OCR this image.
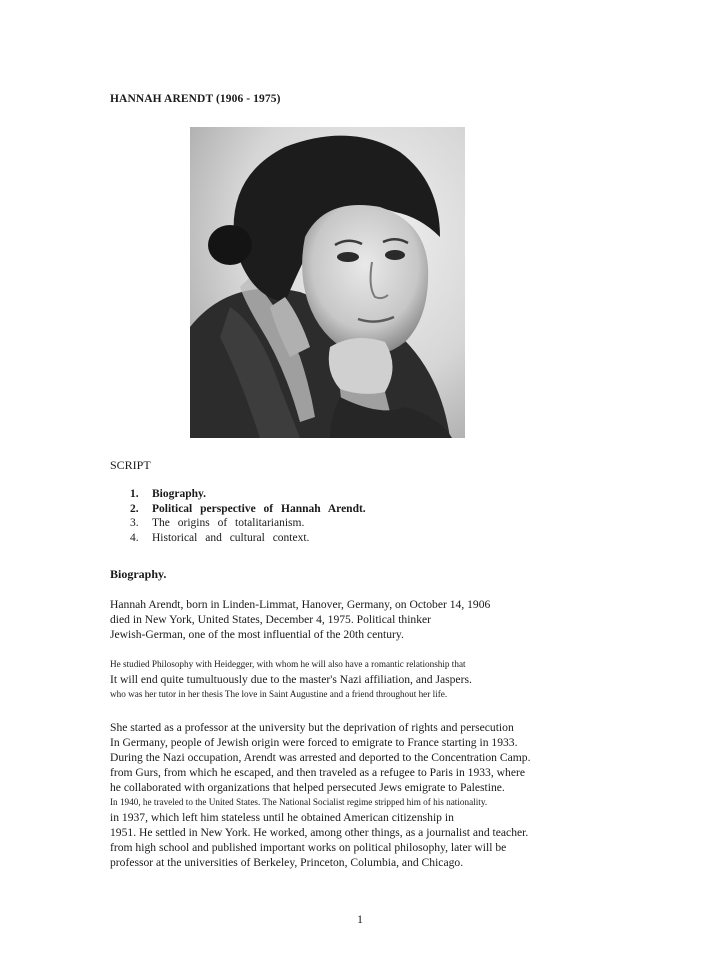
HANNAH ARENDT (1906 - 1975)
SCRIPT
1.	Biography.
2.	Political perspective of Hannah Arendt.
3.	The origins of totalitarianism.
4.	Historical and cultural context.
Biography.
Hannah Arendt, born in Linden-Limmat, Hanover, Germany, on October 14, 1906
died in New York, United States, December 4, 1975. Political thinker
Jewish-German, one of the most influential of the 20th century.
He studied Philosophy with Heidegger, with whom he will also have a romantic relationship that
It will end quite tumultuously due to the master's Nazi affiliation, and Jaspers.
who was her tutor in her thesis The love in Saint Augustine and a friend throughout her life.
She started as a professor at the university but the deprivation of rights and persecution
In Germany, people of Jewish origin were forced to emigrate to France starting in 1933.
During the Nazi occupation, Arendt was arrested and deported to the Concentration Camp.
from Gurs, from which he escaped, and then traveled as a refugee to Paris in 1933, where
he collaborated with organizations that helped persecuted Jews emigrate to Palestine.
In 1940, he traveled to the United States. The National Socialist regime stripped him of his nationality.
in 1937, which left him stateless until he obtained American citizenship in
1951. He settled in New York. He worked, among other things, as a journalist and teacher.
from high school and published important works on political philosophy, later will be
professor at the universities of Berkeley, Princeton, Columbia, and Chicago.
1
